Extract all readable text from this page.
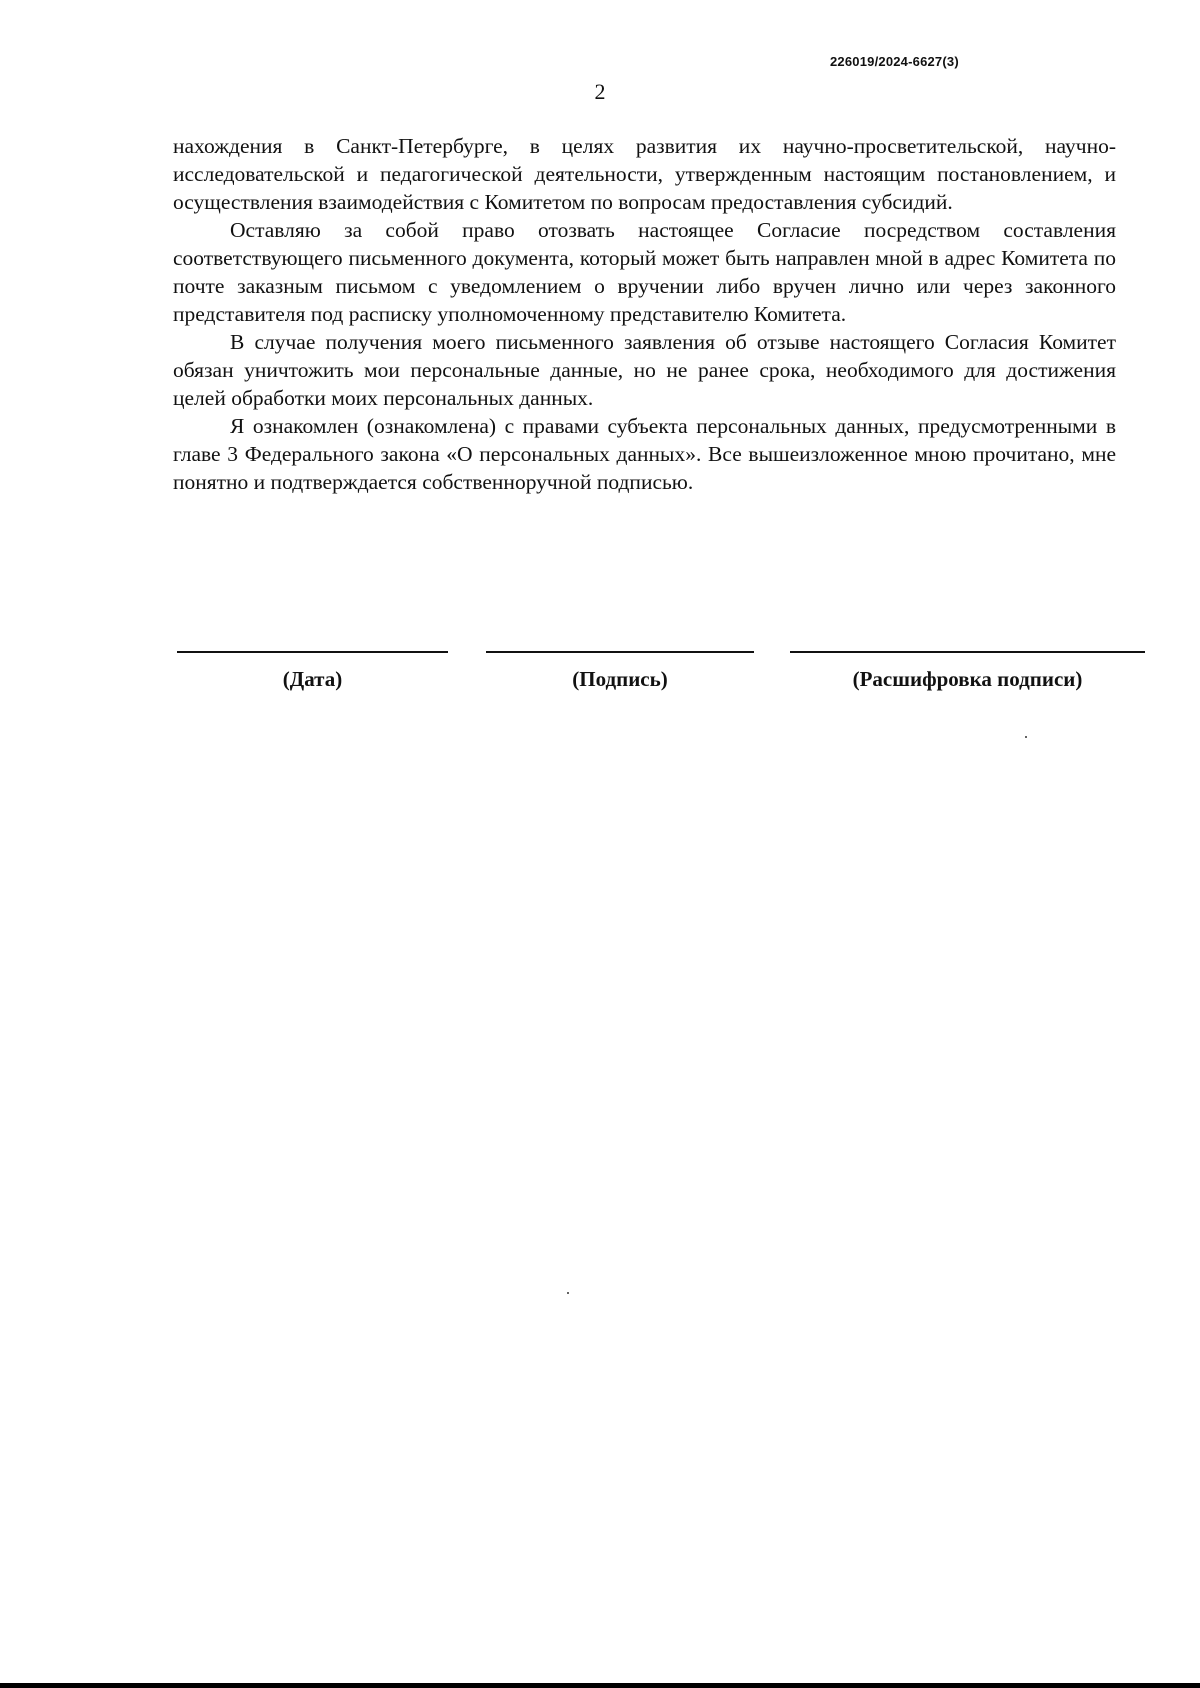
226019/2024-6627(3)
2

нахождения в Санкт-Петербурге, в целях развития их научно-просветительской, научно-исследовательской и педагогической деятельности, утвержденным настоящим постановлением, и осуществления взаимодействия с Комитетом по вопросам предоставления субсидий.

Оставляю за собой право отозвать настоящее Согласие посредством составления соответствующего письменного документа, который может быть направлен мной в адрес Комитета по почте заказным письмом с уведомлением о вручении либо вручен лично или через законного представителя под расписку уполномоченному представителю Комитета.

В случае получения моего письменного заявления об отзыве настоящего Согласия Комитет обязан уничтожить мои персональные данные, но не ранее срока, необходимого для достижения целей обработки моих персональных данных.

Я ознакомлен (ознакомлена) с правами субъекта персональных данных, предусмотренными в главе 3 Федерального закона «О персональных данных». Все вышеизложенное мною прочитано, мне понятно и подтверждается собственноручной подписью.

(Дата)	(Подпись)	(Расшифровка подписи)
